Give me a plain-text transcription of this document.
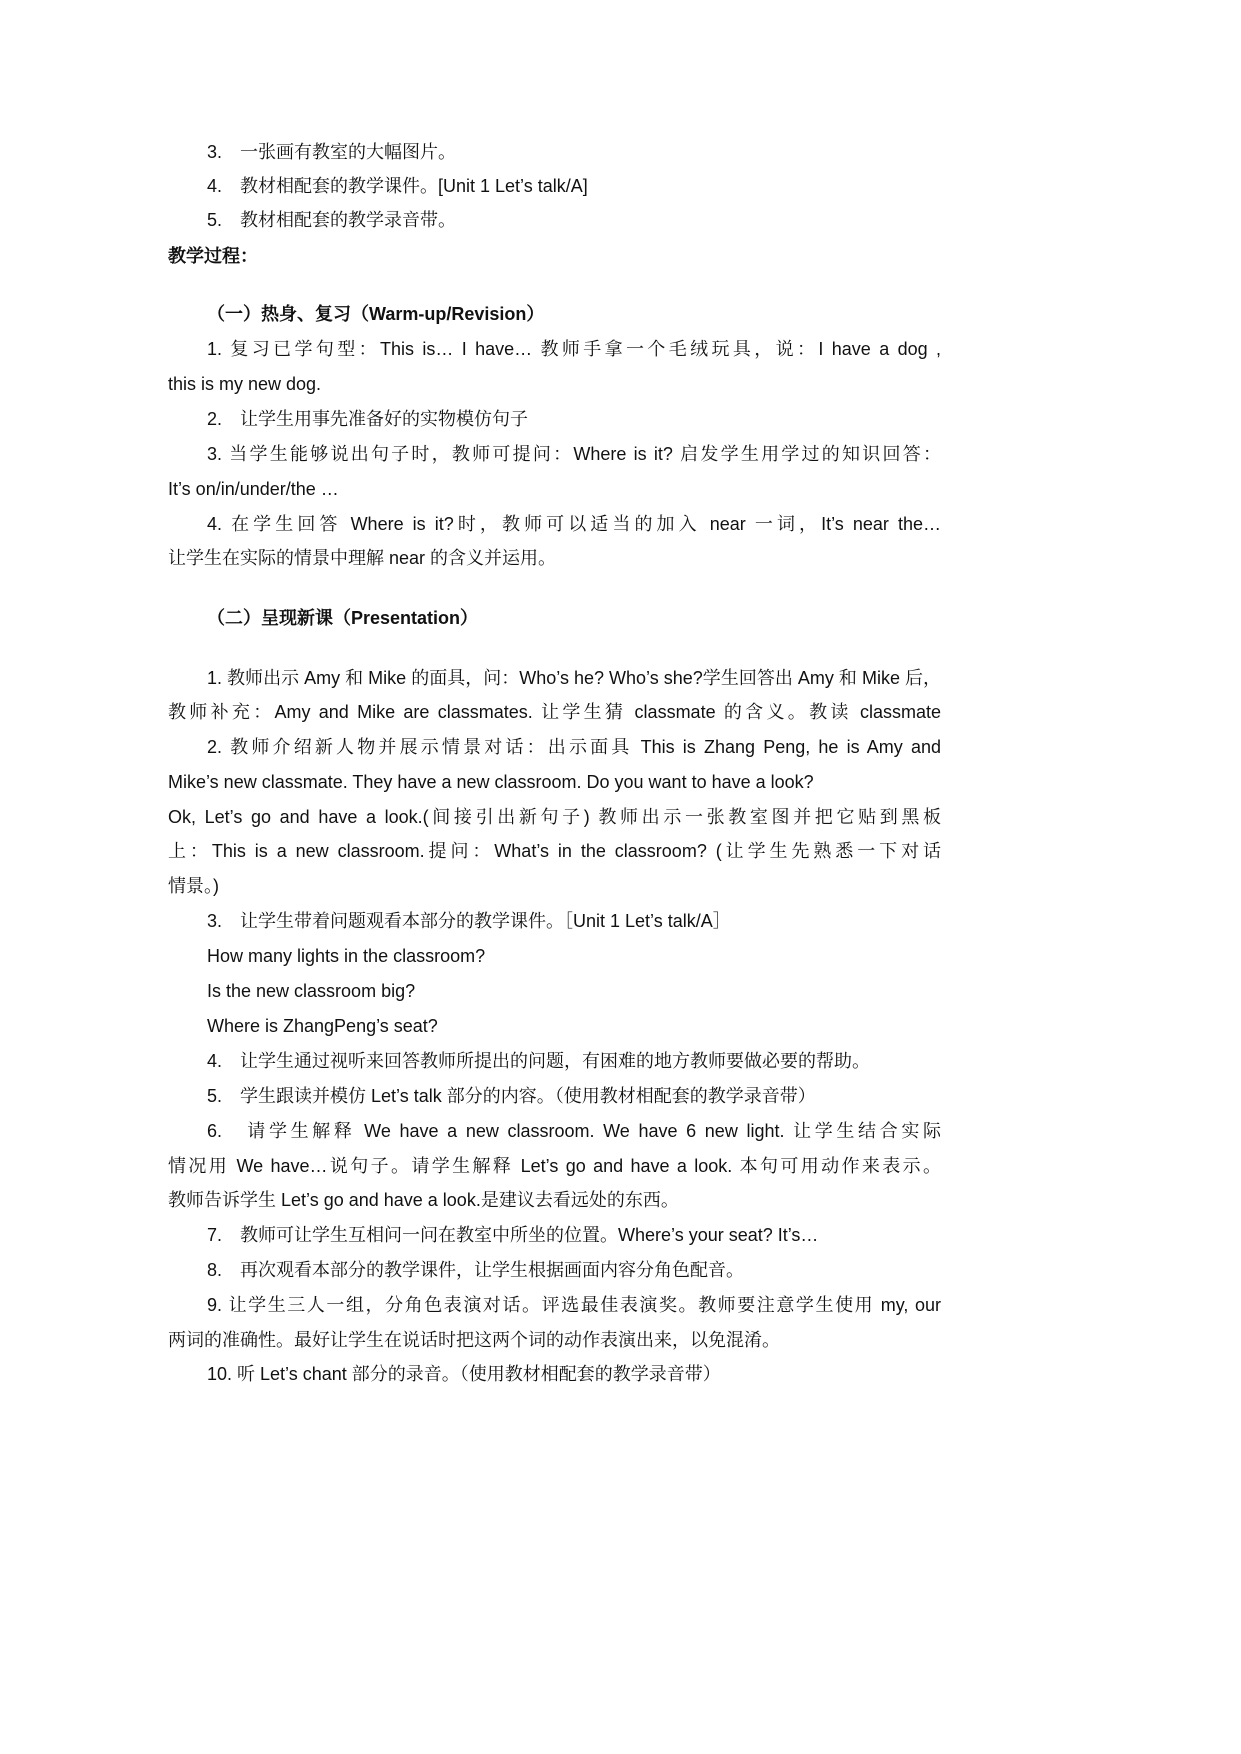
3.　一张画有教室的大幅图片。
4.　教材相配套的教学课件。[Unit 1 Let’s talk/A]
5.　教材相配套的教学录音带。
教学过程：
（一）热身、复习（Warm-up/Revision）
1. 复习已学句型：This is… I have… 教师手拿一个毛绒玩具，说：I have a dog ,
this is my new dog.
2.　让学生用事先准备好的实物模仿句子
3. 当学生能够说出句子时，教师可提问：Where is it? 启发学生用学过的知识回答：
It’s on/in/under/the …
4. 在学生回答 Where is it?时，教师可以适当的加入 near 一词，It’s near the…
让学生在实际的情景中理解 near 的含义并运用。
（二）呈现新课（Presentation）
1. 教师出示 Amy 和 Mike 的面具，问：Who’s he? Who’s she?学生回答出 Amy 和 Mike 后，
教师补充：Amy and Mike are classmates. 让学生猜 classmate 的含义。教读 classmate
2. 教师介绍新人物并展示情景对话：出示面具 This is Zhang Peng, he is Amy and
Mike’s new classmate. They have a new classroom. Do you want to have a look?
Ok, Let’s go and have a look.(间接引出新句子) 教师出示一张教室图并把它贴到黑板
上：This is a new classroom.提问：What’s in the classroom? (让学生先熟悉一下对话
情景。)
3.　让学生带着问题观看本部分的教学课件。［Unit 1 Let’s talk/A］
How many lights in the classroom?
Is the new classroom big?
Where is ZhangPeng’s seat?
4.　让学生通过视听来回答教师所提出的问题，有困难的地方教师要做必要的帮助。
5.　学生跟读并模仿 Let’s talk 部分的内容。（使用教材相配套的教学录音带）
6.　请学生解释 We have a new classroom. We have 6 new light. 让学生结合实际
情况用 We have…说句子。请学生解释 Let’s go and have a look. 本句可用动作来表示。
教师告诉学生 Let’s go and have a look.是建议去看远处的东西。
7.　教师可让学生互相问一问在教室中所坐的位置。Where’s your seat? It’s…
8.　再次观看本部分的教学课件，让学生根据画面内容分角色配音。
9. 让学生三人一组，分角色表演对话。评选最佳表演奖。教师要注意学生使用 my, our
两词的准确性。最好让学生在说话时把这两个词的动作表演出来，以免混淆。
10. 听 Let’s chant 部分的录音。（使用教材相配套的教学录音带）
